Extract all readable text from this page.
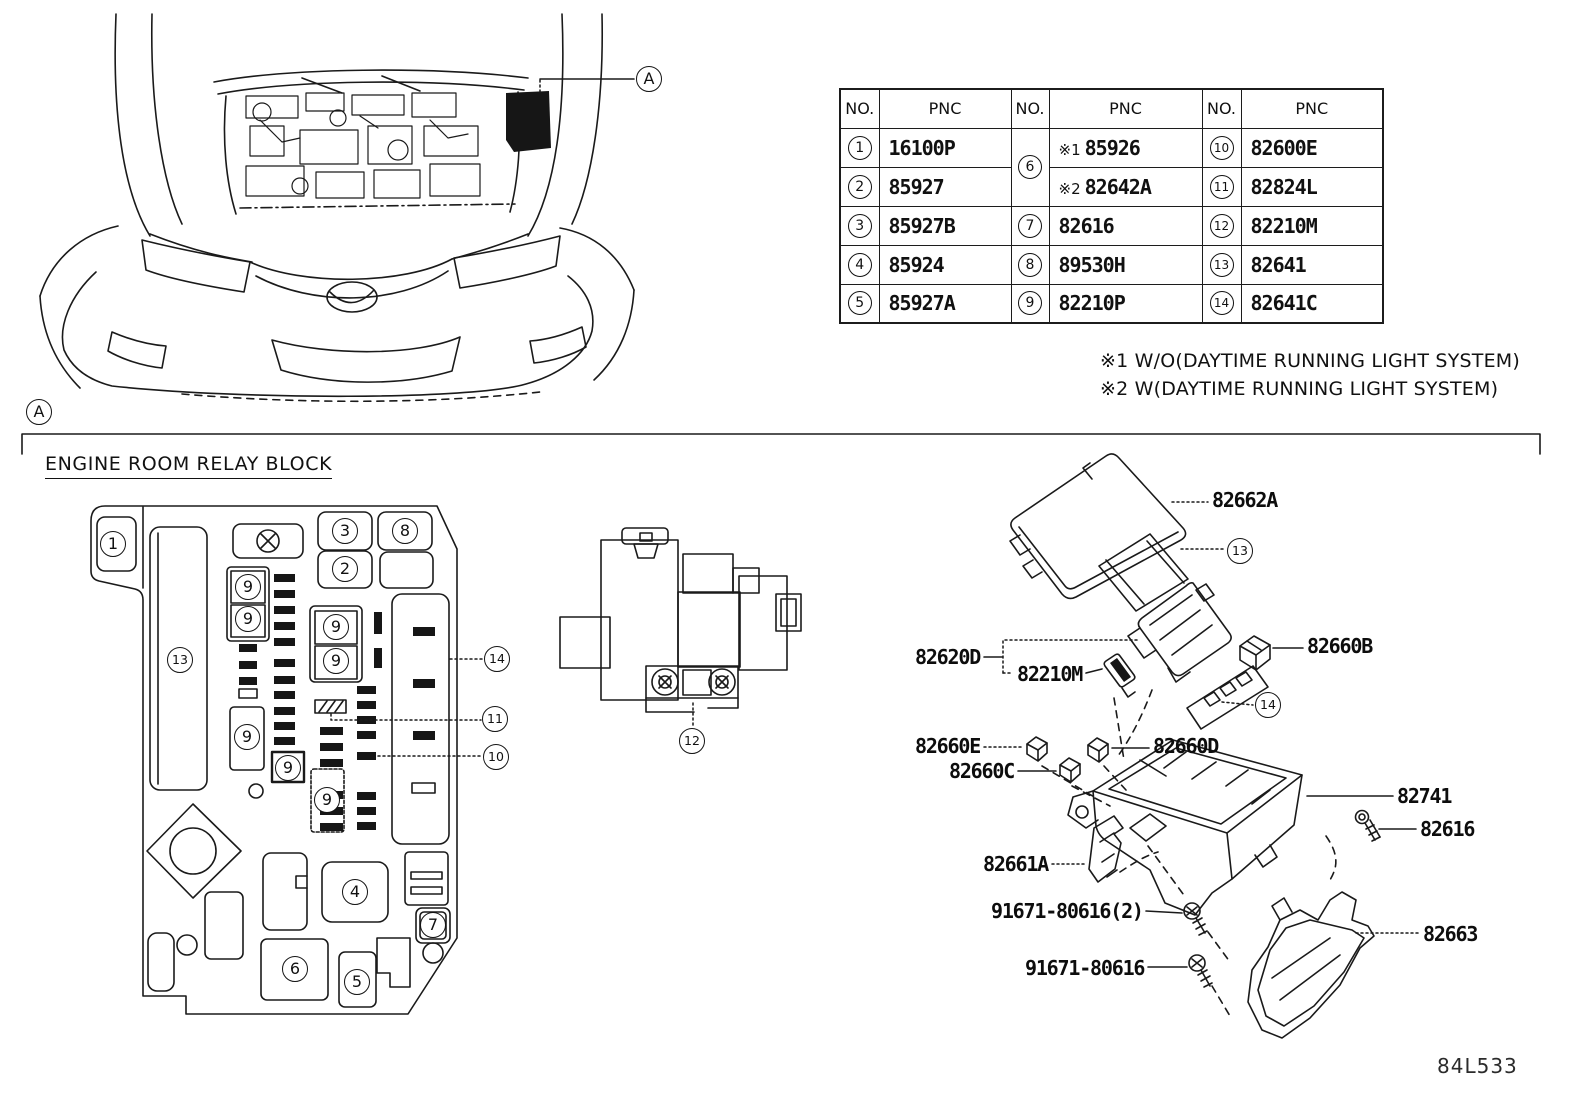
A
A
1
13
3	8
2
9
9	9
9
9
9
9
14
11
10
4
7
6
5
12
13
14
82662A
82620D
82210M
82660B
82660E	82660D
82660C
82741
82616
82661A
91671-80616(2)
91671-80616
82663
NO.	PNC	NO.	PNC	NO.	PNC
1	16100P	6	※1 85926	10	82600E
2	85927		※2 82642A	11	82824L
3	85927B	7	82616	12	82210M
4	85924	8	89530H	13	82641
5	85927A	9	82210P	14	82641C
※1 W/O(DAYTIME RUNNING LIGHT SYSTEM)
※2 W(DAYTIME RUNNING LIGHT SYSTEM)
ENGINE ROOM RELAY BLOCK
84L533
